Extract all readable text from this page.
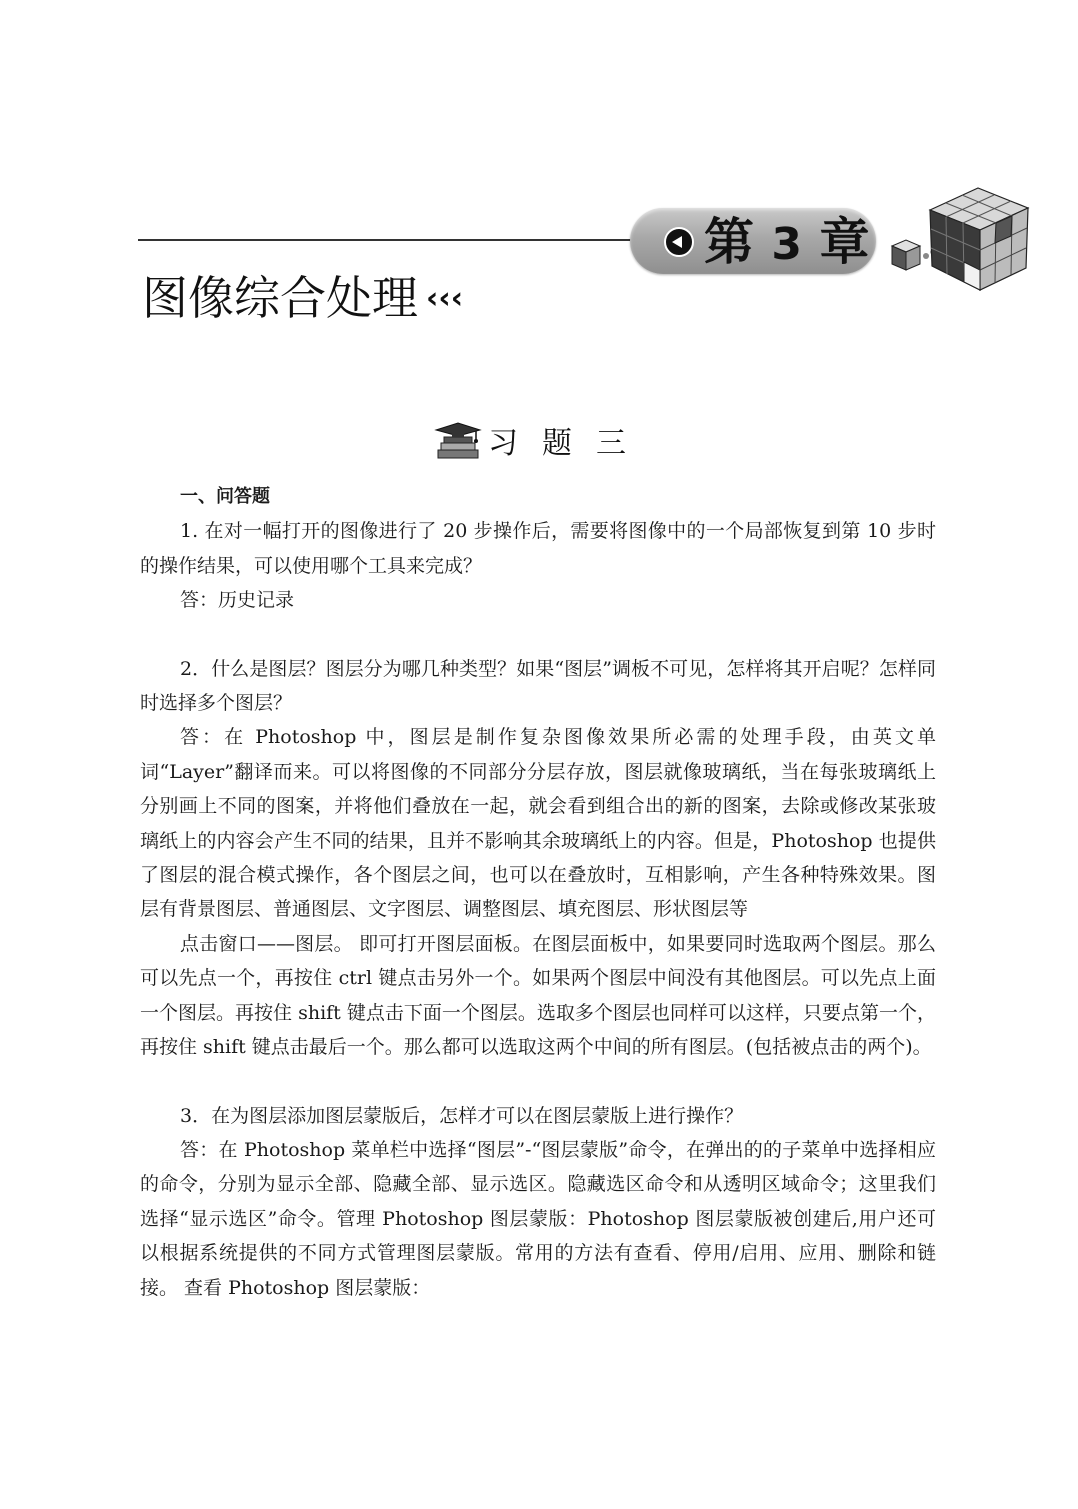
第 3 章
图像综合处理 ‹‹‹
习题三

一、问答题

1. 在对一幅打开的图像进行了 20 步操作后，需要将图像中的一个局部恢复到第 10 步时的操作结果，可以使用哪个工具来完成？

答：历史记录

2．什么是图层？图层分为哪几种类型？如果“图层”调板不可见，怎样将其开启呢？怎样同时选择多个图层？

答：在 Photoshop 中，图层是制作复杂图像效果所必需的处理手段，由英文单词“Layer”翻译而来。可以将图像的不同部分分层存放，图层就像玻璃纸，当在每张玻璃纸上分别画上不同的图案，并将他们叠放在一起，就会看到组合出的新的图案，去除或修改某张玻璃纸上的内容会产生不同的结果，且并不影响其余玻璃纸上的内容。但是，Photoshop 也提供了图层的混合模式操作，各个图层之间，也可以在叠放时，互相影响，产生各种特殊效果。图层有背景图层、普通图层、文字图层、调整图层、填充图层、形状图层等

点击窗口——图层。 即可打开图层面板。在图层面板中，如果要同时选取两个图层。那么可以先点一个，再按住 ctrl 键点击另外一个。如果两个图层中间没有其他图层。可以先点上面一个图层。再按住 shift 键点击下面一个图层。选取多个图层也同样可以这样，只要点第一个，再按住 shift 键点击最后一个。那么都可以选取这两个中间的所有图层。(包括被点击的两个)。

3．在为图层添加图层蒙版后，怎样才可以在图层蒙版上进行操作？

答：在 Photoshop 菜单栏中选择“图层”-“图层蒙版”命令，在弹出的的子菜单中选择相应的命令，分别为显示全部、隐藏全部、显示选区。隐藏选区命令和从透明区域命令；这里我们选择“显示选区”命令。管理 Photoshop 图层蒙版：Photoshop 图层蒙版被创建后,用户还可以根据系统提供的不同方式管理图层蒙版。常用的方法有查看、停用/启用、应用、删除和链接。 查看 Photoshop 图层蒙版：
